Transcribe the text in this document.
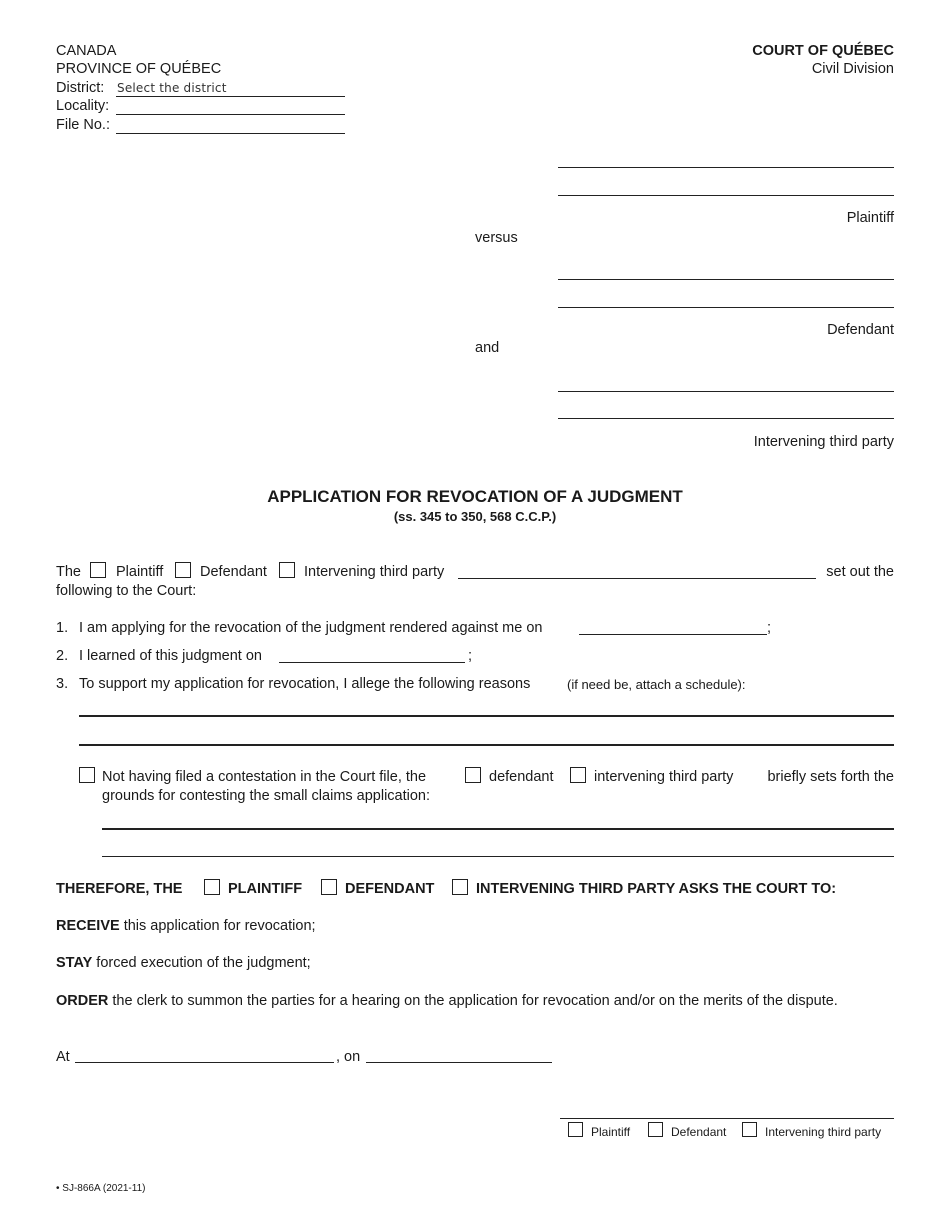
CANADA
PROVINCE OF QUÉBEC
District: Select the district
Locality:
File No.:
COURT OF QUÉBEC
Civil Division
Plaintiff
versus
Defendant
and
Intervening third party
APPLICATION FOR REVOCATION OF A JUDGMENT
(ss. 345 to 350, 568 C.C.P.)
The Plaintiff	Defendant	Intervening third party	set out the
following to the Court:
1. I am applying for the revocation of the judgment rendered against me on	;
2. I learned of this judgment on	;
3. To support my application for revocation, I allege the following reasons	(if need be, attach a schedule):
Not having filed a contestation in the Court file, the	defendant	intervening third party briefly sets forth the
grounds for contesting the small claims application:
THEREFORE, THE	PLAINTIFF	DEFENDANT	INTERVENING THIRD PARTY ASKS THE COURT TO:
RECEIVE this application for revocation;
STAY forced execution of the judgment;
ORDER the clerk to summon the parties for a hearing on the application for revocation and/or on the merits of the dispute.
At	, on
Plaintiff	Defendant	Intervening third party
• SJ-866A (2021-11)
